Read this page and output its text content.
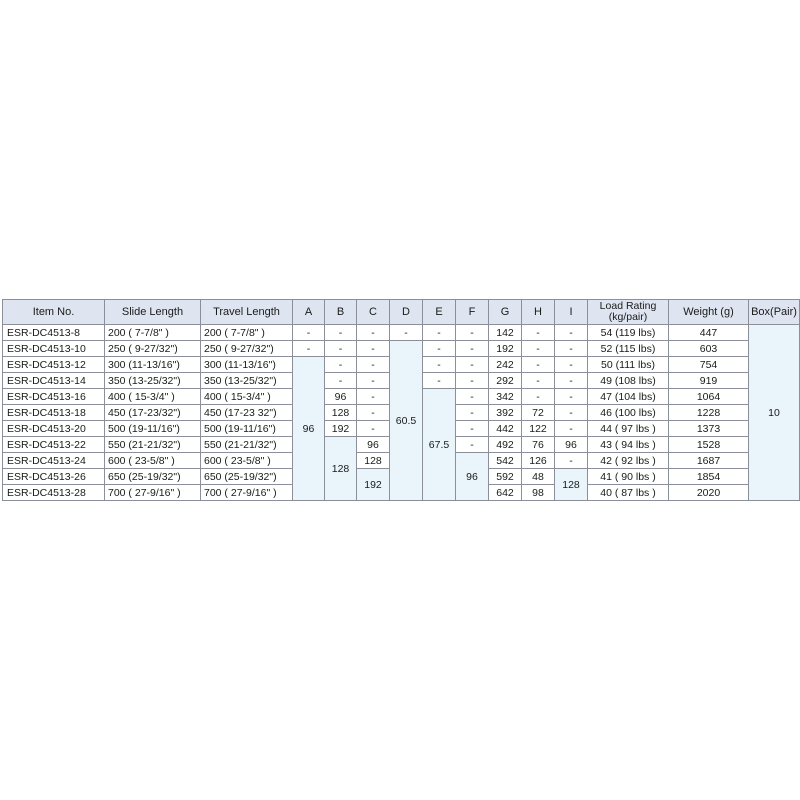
Item No.	Slide Length	Travel Length	A	B	C	D	E	F	G	H	I	Load Rating
(kg/pair)	Weight (g)	Box(Pair)
ESR-DC4513-8	200 ( 7-7/8" )	200 ( 7-7/8" )	-	-	-	-	-	-	142	-	-	54 (119 lbs)	447	10
ESR-DC4513-10	250 ( 9-27/32")	250 ( 9-27/32")	-	-	-	60.5	-	-	192	-	-	52 (115 lbs)	603	
ESR-DC4513-12	300 (11-13/16")	300 (11-13/16")	96	-	-		-	-	242	-	-	50 (111 lbs)	754	
ESR-DC4513-14	350 (13-25/32")	350 (13-25/32")		-	-		-	-	292	-	-	49 (108 lbs)	919	
ESR-DC4513-16	400 ( 15-3/4" )	400 ( 15-3/4" )		96	-		67.5	-	342	-	-	47 (104 lbs)	1064	
ESR-DC4513-18	450 (17-23/32")	450 (17-23 32")		128	-			-	392	72	-	46 (100 lbs)	1228	
ESR-DC4513-20	500 (19-11/16")	500 (19-11/16")		192	-			-	442	122	-	44 ( 97 lbs )	1373	
ESR-DC4513-22	550 (21-21/32")	550 (21-21/32")		128	96			-	492	76	96	43 ( 94 lbs )	1528	
ESR-DC4513-24	600 ( 23-5/8" )	600 ( 23-5/8" )			128			96	542	126	-	42 ( 92 lbs )	1687	
ESR-DC4513-26	650 (25-19/32")	650 (25-19/32")			192				592	48	128	41 ( 90 lbs )	1854	
ESR-DC4513-28	700 ( 27-9/16" )	700 ( 27-9/16" )							642	98		40 ( 87 lbs )	2020	
